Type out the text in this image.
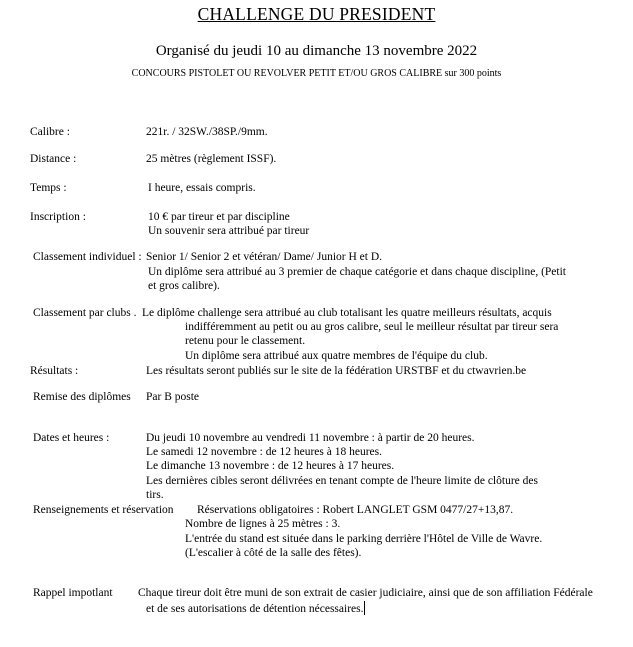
CHALLENGE DU PRESIDENT
Organisé du jeudi 10 au dimanche 13 novembre 2022
CONCOURS PISTOLET OU REVOLVER PETIT ET/OU GROS CALIBRE sur 300 points
Calibre :	221r. / 32SW./38SP./9mm.
Distance :	25 mètres (règlement ISSF).
Temps :	I heure, essais compris.
Inscription :	10 € par tireur et par discipline
Un souvenir sera attribué par tireur
Classement individuel : Senior 1/ Senior 2 et vétéran/ Dame/ Junior H et D.
Un diplôme sera attribué au 3 premier de chaque catégorie et dans chaque discipline, (Petit
et gros calibre).
Classement par clubs . Le diplôme challenge sera attribué au club totalisant les quatre meilleurs résultats, acquis
indifféremment au petit ou au gros calibre, seul le meilleur résultat par tireur sera
retenu pour le classement.
Un diplôme sera attribué aux quatre membres de l'équipe du club.
Résultats :	Les résultats seront publiés sur le site de la fédération URSTBF et du ctwavrien.be
Remise des diplômes Par B poste
Dates et heures :	Du jeudi 10 novembre au vendredi 11 novembre : à partir de 20 heures.
Le samedi 12 novembre : de 12 heures à 18 heures.
Le dimanche 13 novembre : de 12 heures à 17 heures.
Les dernières cibles seront délivrées en tenant compte de l'heure limite de clôture des
tirs.
Renseignements et réservation Réservations obligatoires : Robert LANGLET GSM 0477/27+13,87.
Nombre de lignes à 25 mètres : 3.
L'entrée du stand est située dans le parking derrière l'Hôtel de Ville de Wavre.
(L'escalier à côté de la salle des fêtes).
Rappel impotlant Chaque tireur doit être muni de son extrait de casier judiciaire, ainsi que de son affiliation Fédérale
et de ses autorisations de détention nécessaires.
